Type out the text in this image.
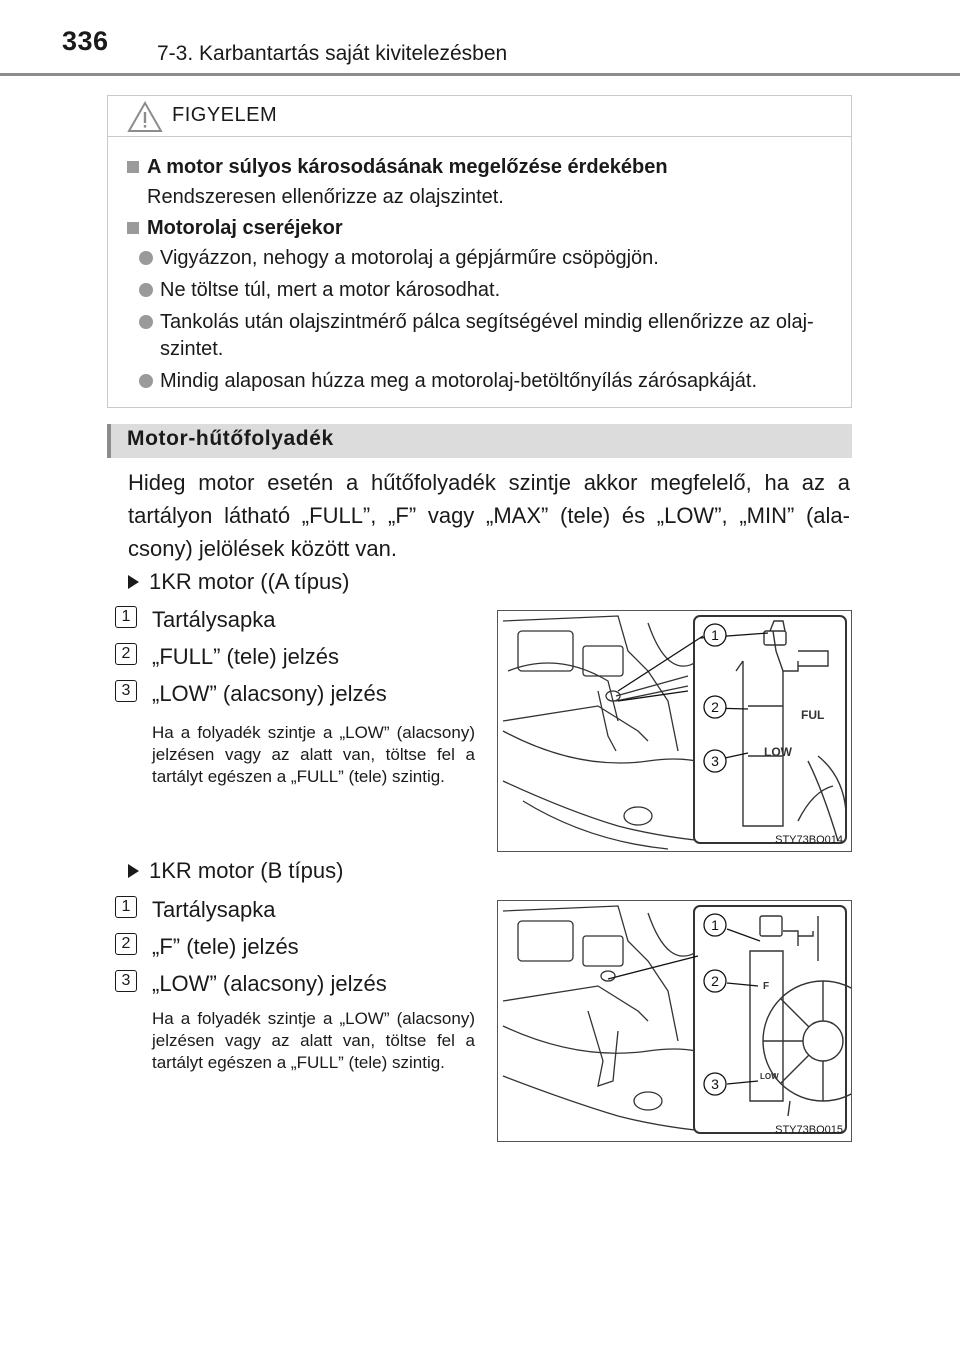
336 7-3. Karbantartás saját kivitelezésben
FIGYELEM
A motor súlyos károsodásának megelőzése érdekében
Rendszeresen ellenőrizze az olajszintet.
Motorolaj cseréjekor
Vigyázzon, nehogy a motorolaj a gépjárműre csöpögjön.
Ne töltse túl, mert a motor károsodhat.
Tankolás után olajszintmérő pálca segítségével mindig ellenőrizze az olaj-
szintet.
Mindig alaposan húzza meg a motorolaj-betöltőnyílás zárósapkáját.
Motor-hűtőfolyadék
Hideg motor esetén a hűtőfolyadék szintje akkor megfelelő, ha az a tartályon látható „FULL”, „F” vagy „MAX” (tele) és „LOW”, „MIN” (alacsony) jelölések között van.
1KR motor ((A típus)
1 Tartálysapka
2 „FULL” (tele) jelzés
3 „LOW” (alacsony) jelzés
Ha a folyadék szintje a „LOW” (alacsony) jelzésen vagy az alatt van, töltse fel a tartályt egészen a „FULL” (tele) szintig.
FUL
LOW
1
2
3
STY73BO014
1KR motor (B típus)
1 Tartálysapka
2 „F” (tele) jelzés
3 „LOW” (alacsony) jelzés
Ha a folyadék szintje a „LOW” (alacsony) jelzésen vagy az alatt van, töltse fel a tartályt egészen a „FULL” (tele) szintig.
F
LOW
1
2
3
STY73BO015
